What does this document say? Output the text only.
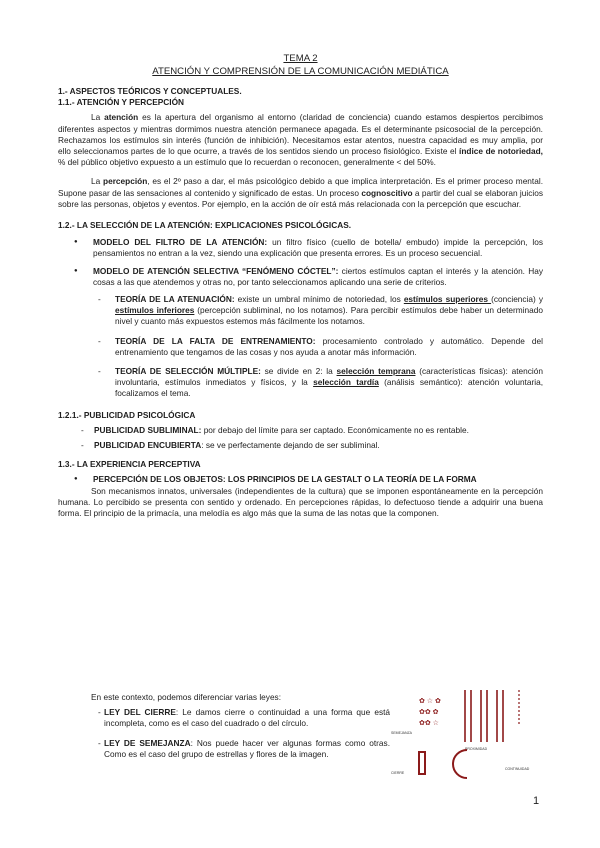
TEMA 2
ATENCIÓN Y COMPRENSIÓN DE LA COMUNICACIÓN MEDIÁTICA

1.- ASPECTOS TEÓRICOS Y CONCEPTUALES.

1.1.- ATENCIÓN Y PERCEPCIÓN

La atención es la apertura del organismo al entorno (claridad de conciencia) cuando estamos despiertos percibimos diferentes aspectos y mientras dormimos nuestra atención permanece apagada. Es el determinante psicosocial de la percepción. Rechazamos los estímulos sin interés (función de inhibición). Necesitamos estar atentos, nuestra capacidad es muy amplia, por ello seleccionamos partes de lo que ocurre, a través de los sentidos siendo un proceso fisiológico. Existe el índice de notoriedad, % del público objetivo expuesto a un estímulo que lo recuerdan o reconocen, generalmente < del 50%.

La percepción, es el 2º paso a dar, el más psicológico debido a que implica interpretación. Es el primer proceso mental. Supone pasar de las sensaciones al contenido y significado de estas. Un proceso cognoscitivo a partir del cual se elaboran juicios sobre las personas, objetos y eventos. Por ejemplo, en la acción de oír está más relacionada con la percepción que escuchar.

1.2.- LA SELECCIÓN DE LA ATENCIÓN: EXPLICACIONES PSICOLÓGICAS.

● MODELO DEL FILTRO DE LA ATENCIÓN: un filtro físico (cuello de botella/ embudo) impide la percepción, los pensamientos no entran a la vez, siendo una explicación que presenta errores. Es un proceso secuencial.

● MODELO DE ATENCIÓN SELECTIVA “FENÓMENO CÓCTEL”: ciertos estímulos captan el interés y la atención. Hay cosas a las que atendemos y otras no, por tanto seleccionamos aplicando una serie de criterios.

- TEORÍA DE LA ATENUACIÓN: existe un umbral mínimo de notoriedad, los estímulos superiores (conciencia) y estímulos inferiores (percepción subliminal, no los notamos). Para percibir estímulos debe haber un determinado nivel y cuanto más expuestos estemos más fácilmente los notamos.

- TEORÍA DE LA FALTA DE ENTRENAMIENTO: procesamiento controlado y automático. Depende del entrenamiento que tengamos de las cosas y nos ayuda a anotar más información.

- TEORÍA DE SELECCIÓN MÚLTIPLE: se divide en 2: la selección temprana (características físicas): atención involuntaria, estímulos inmediatos y físicos, y la selección tardía (análisis semántico): atención voluntaria, focalizamos el tema.

1.2.1.- PUBLICIDAD PSICOLÓGICA

- PUBLICIDAD SUBLIMINAL: por debajo del límite para ser captado. Económicamente no es rentable.

- PUBLICIDAD ENCUBIERTA: se ve perfectamente dejando de ser subliminal.

1.3.- LA EXPERIENCIA PERCEPTIVA

● PERCEPCIÓN DE LOS OBJETOS: LOS PRINCIPIOS DE LA GESTALT O LA TEORÍA DE LA FORMA

Son mecanismos innatos, universales (independientes de la cultura) que se imponen espontáneamente en la percepción humana. Lo percibido se presenta con sentido y ordenado. En percepciones rápidas, lo defectuoso tiende a adquirir una buena forma. El principio de la primacía, una melodía es algo más que la suma de las notas que la componen.

En este contexto, podemos diferenciar varias leyes:

- LEY DEL CIERRE: Le damos cierre o continuidad a una forma que está incompleta, como es el caso del cuadrado o del círculo.

- LEY DE SEMEJANZA: Nos puede hacer ver algunas formas como otras. Como es el caso del grupo de estrellas y flores de la imagen.

✿ ☆ ✿
✿✿ ✿
✿✿ ☆
SEMEJANZA
PROXIMIDAD
CIERRE
CONTINUIDAD
1
